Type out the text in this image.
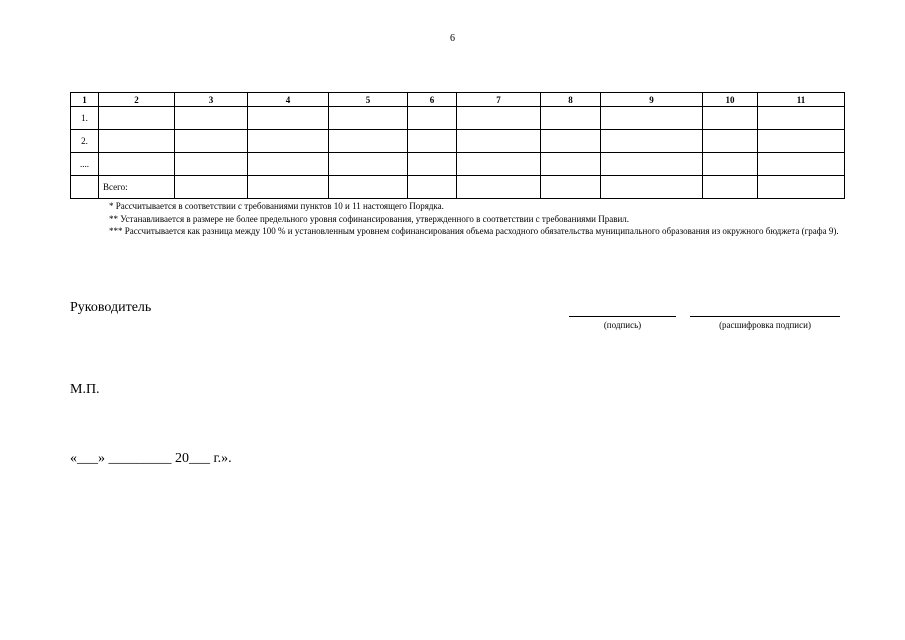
6
1	2	3	4	5	6	7	8	9	10	11
1.										
2.										
....										
	Всего:									

* Рассчитывается в соответствии с требованиями пунктов 10 и 11 настоящего Порядка.

** Устанавливается в размере не более предельного уровня софинансирования, утвержденного в соответствии с требованиями Правил.

*** Рассчитывается как разница между 100 % и установленным уровнем софинансирования объема расходного обязательства муниципального образования из окружного бюджета (графа 9).

Руководитель
(подпись)	(расшифровка подписи)
М.П.
«___» _________ 20___ г.».
